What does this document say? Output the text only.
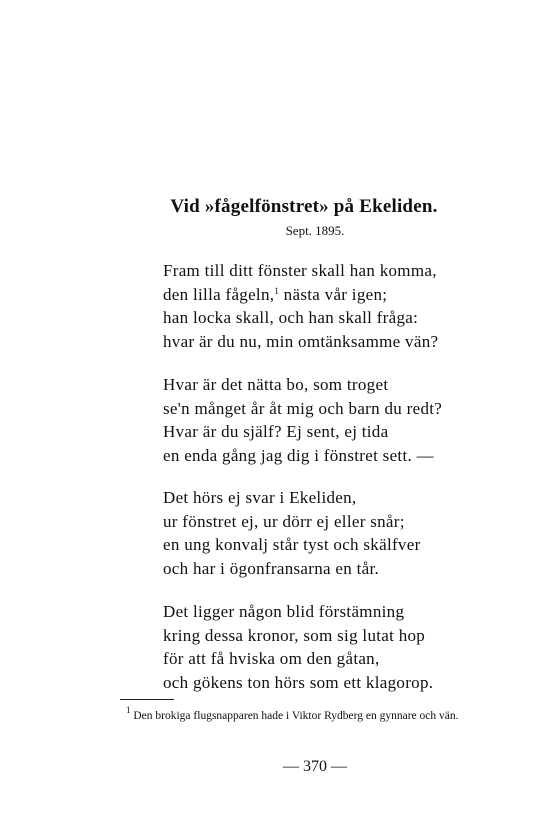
Vid »fågelfönstret» på Ekeliden.
Sept. 1895.
Fram till ditt fönster skall han komma,
den lilla fågeln,$^1$ nästa vår igen;
han locka skall, och han skall fråga:
hvar är du nu, min omtänksamme vän?
Hvar är det nätta bo, som troget
se'n månget år åt mig och barn du redt?
Hvar är du själf? Ej sent, ej tida
en enda gång jag dig i fönstret sett. —
Det hörs ej svar i Ekeliden,
ur fönstret ej, ur dörr ej eller snår;
en ung konvalj står tyst och skälfver
och har i ögonfransarna en tår.
Det ligger någon blid förstämning
kring dessa kronor, som sig lutat hop
för att få hviska om den gåtan,
och gökens ton hörs som ett klagorop.
$^1$ Den brokiga flugsnapparen hade i Viktor Rydberg en gynnare och vän.
— 370 —
